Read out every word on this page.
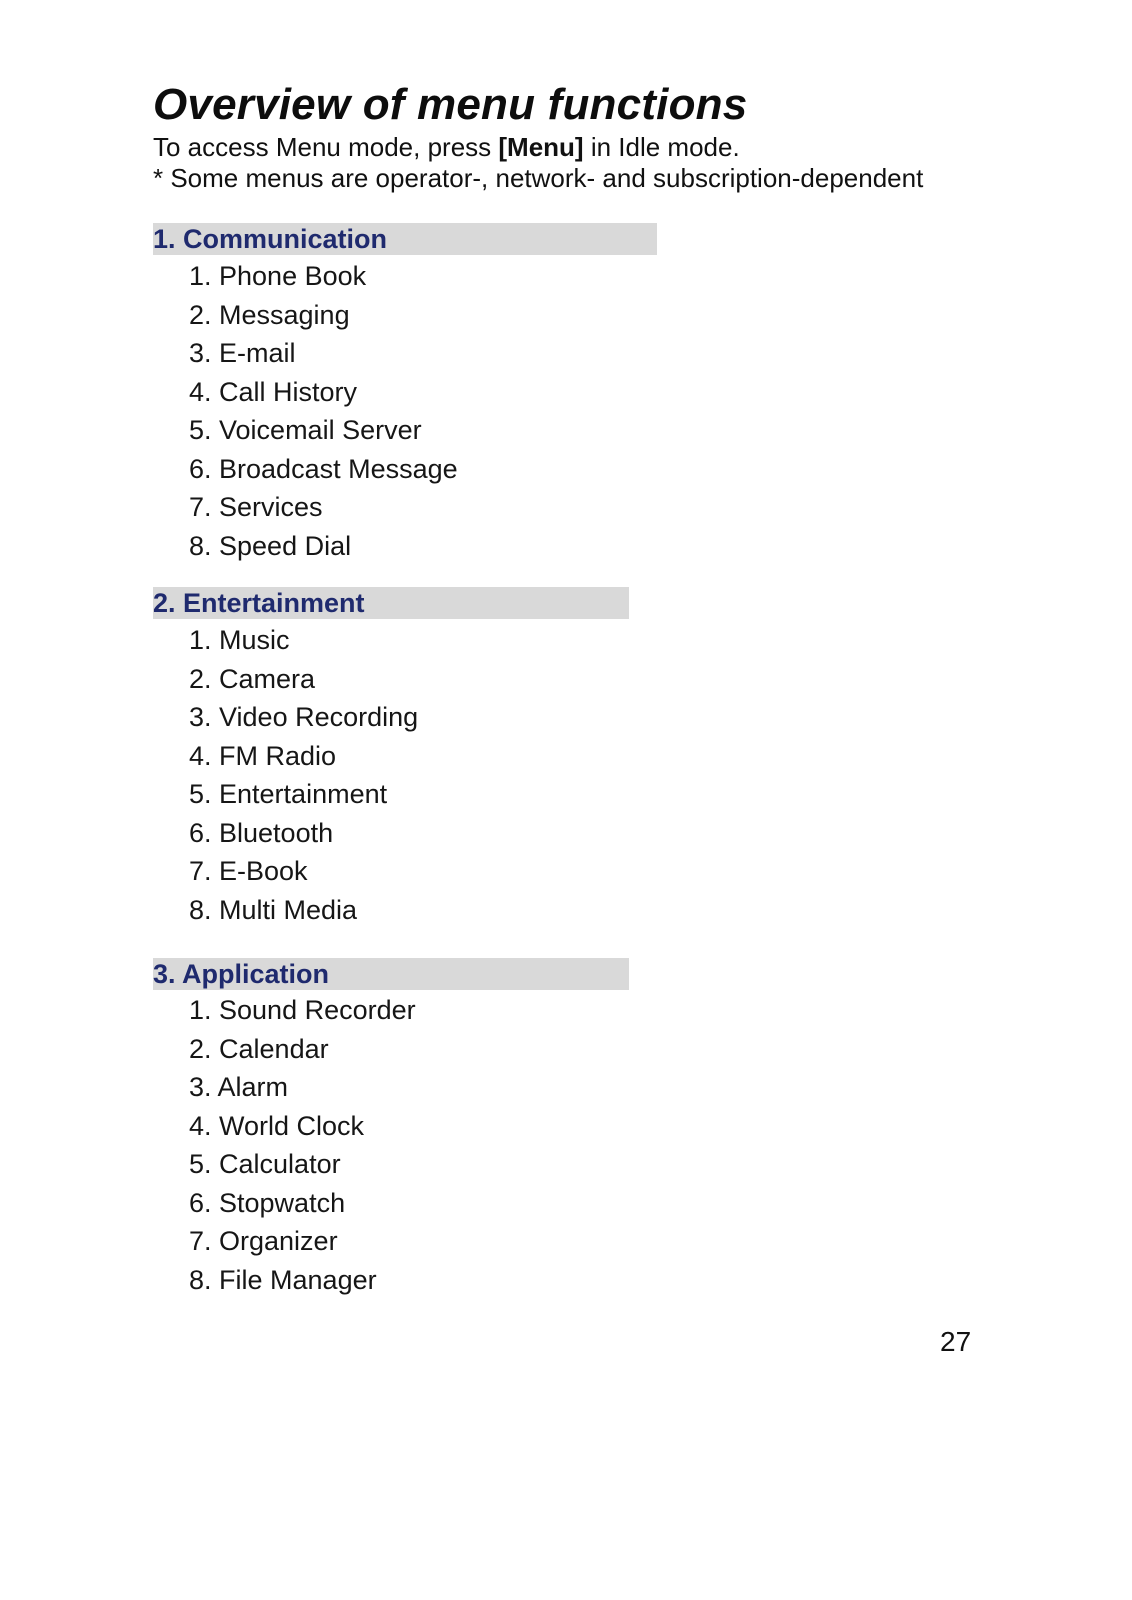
Overview of menu functions
To access Menu mode, press [Menu] in Idle mode.
* Some menus are operator-, network- and subscription-dependent
1. Communication
1. Phone Book
2. Messaging
3. E-mail
4. Call History
5. Voicemail Server
6. Broadcast Message
7. Services
8. Speed Dial
2. Entertainment
1. Music
2. Camera
3. Video Recording
4. FM Radio
5. Entertainment
6. Bluetooth
7. E-Book
8. Multi Media
3. Application
1. Sound Recorder
2. Calendar
3. Alarm
4. World Clock
5. Calculator
6. Stopwatch
7. Organizer
8. File Manager
27
